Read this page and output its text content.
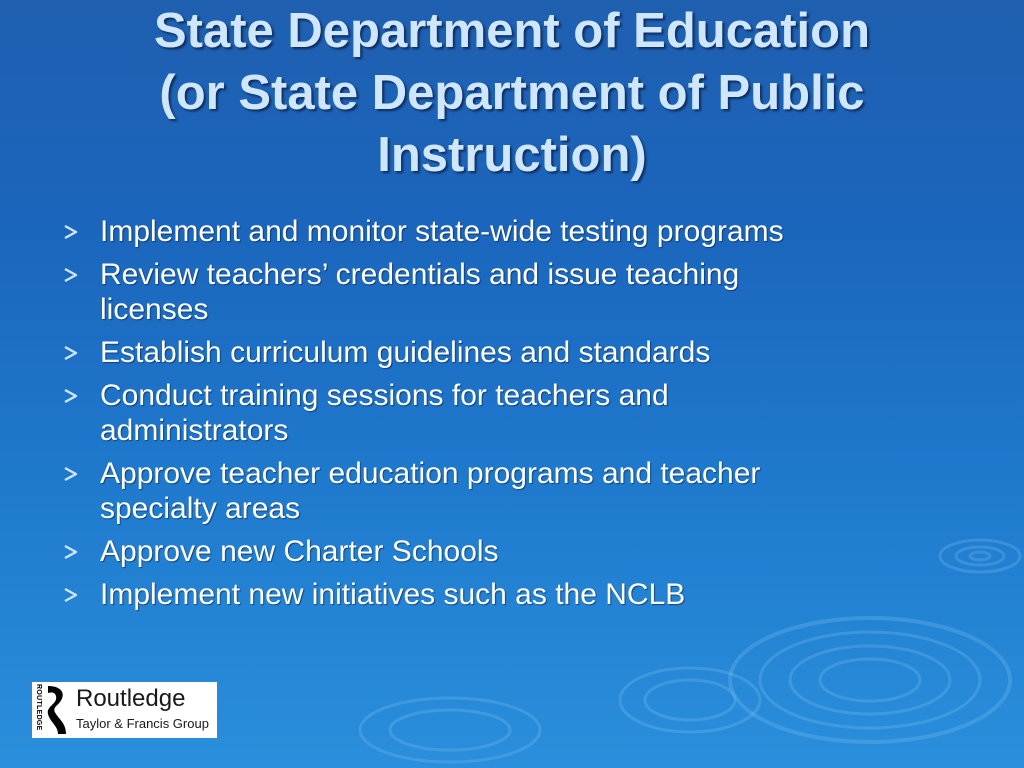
State Department of Education
(or State Department of Public
Instruction)
Implement and monitor state-wide testing programs
Review teachers’ credentials and issue teaching
licenses
Establish curriculum guidelines and standards
Conduct training sessions for teachers and
administrators
Approve teacher education programs and teacher
specialty areas
Approve new Charter Schools
Implement new initiatives such as the NCLB
ROUTLEDGE Routledge
Taylor & Francis Group
